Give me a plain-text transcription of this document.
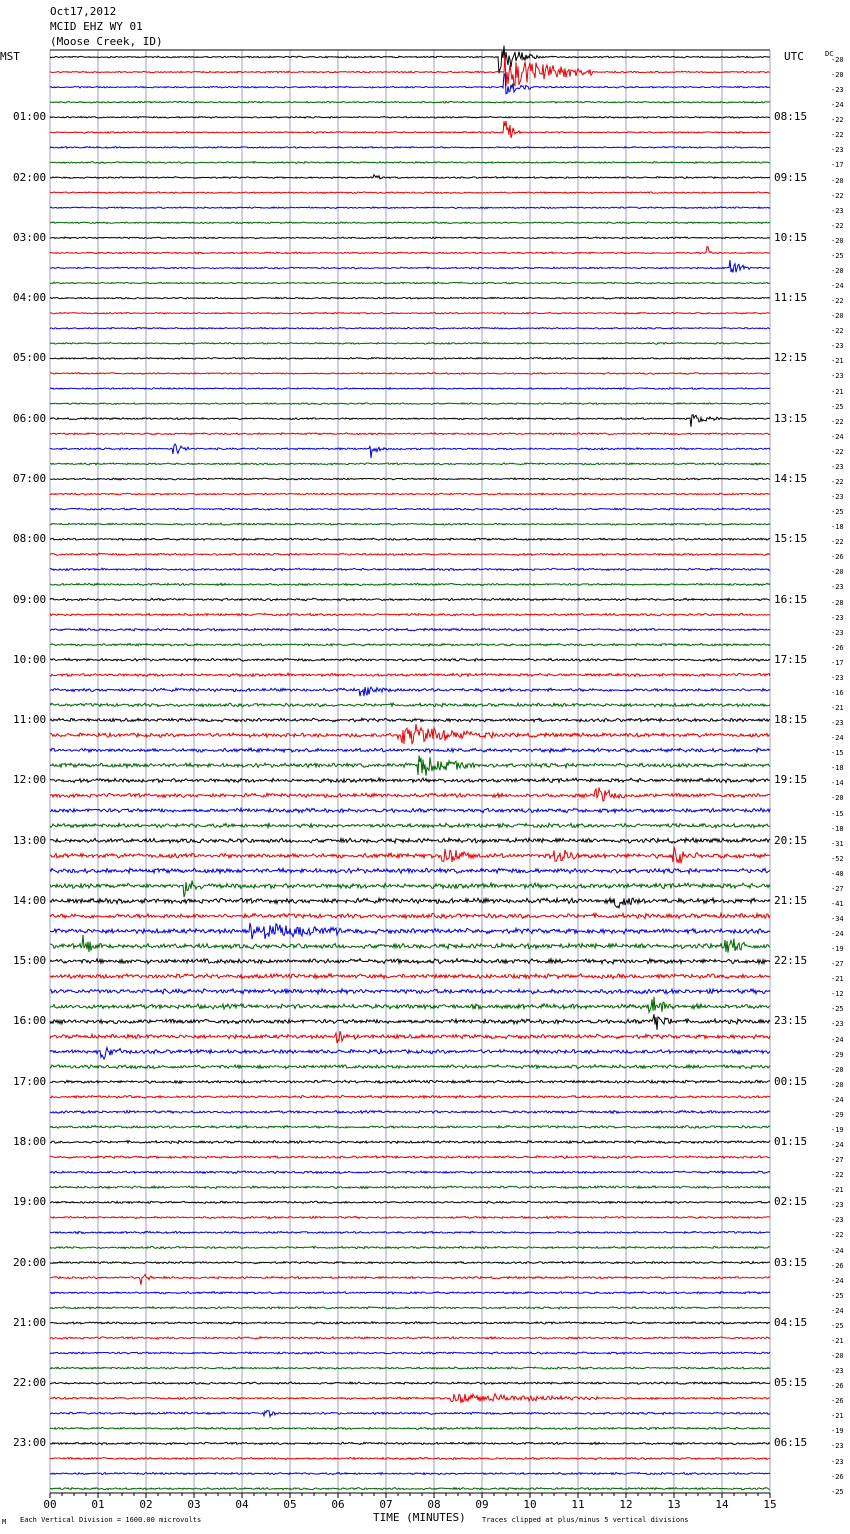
Oct17,2012
MCID EHZ WY 01
(Moose Creek, ID)
MST	UTC	DC
00	01	02	03	04	05	06	07	08	09	10	11	12	13	14	15
01:00	08:15
02:00	09:15
03:00	10:15
04:00	11:15
05:00	12:15
06:00	13:15
07:00	14:15
08:00	15:15
09:00	16:15
10:00	17:15
11:00	18:15
12:00	19:15
13:00	20:15
14:00	21:15
15:00	22:15
16:00	23:15
17:00	00:15
18:00	01:15
19:00	02:15
20:00	03:15
21:00	04:15
22:00	05:15
23:00	06:15
-20
-20
-23
-24
-22
-22
-23
-17
-20
-22
-23
-22
-20
-25
-20
-24
-22
-20
-22
-23
-21
-23
-21
-25
-22
-24
-22
-23
-22
-23
-25
-18
-22
-26
-20
-23
-28
-23
-23
-26
-17
-23
-16
-21
-23
-24
-15
-18
-14
-20
-15
-18
-31
-52
-40
-27
-41
-34
-24
-19
-27
-21
-12
-25
-23
-24
-29
-20
-20
-24
-29
-19
-24
-27
-22
-21
-23
-23
-22
-24
-26
-24
-25
-24
-25
-21
-20
-23
-26
-26
-21
-19
-23
-23
-26
-25
TIME (MINUTES)
Each Vertical Division = 1600.00 microvolts	Traces clipped at plus/minus 5 vertical divisions
M
